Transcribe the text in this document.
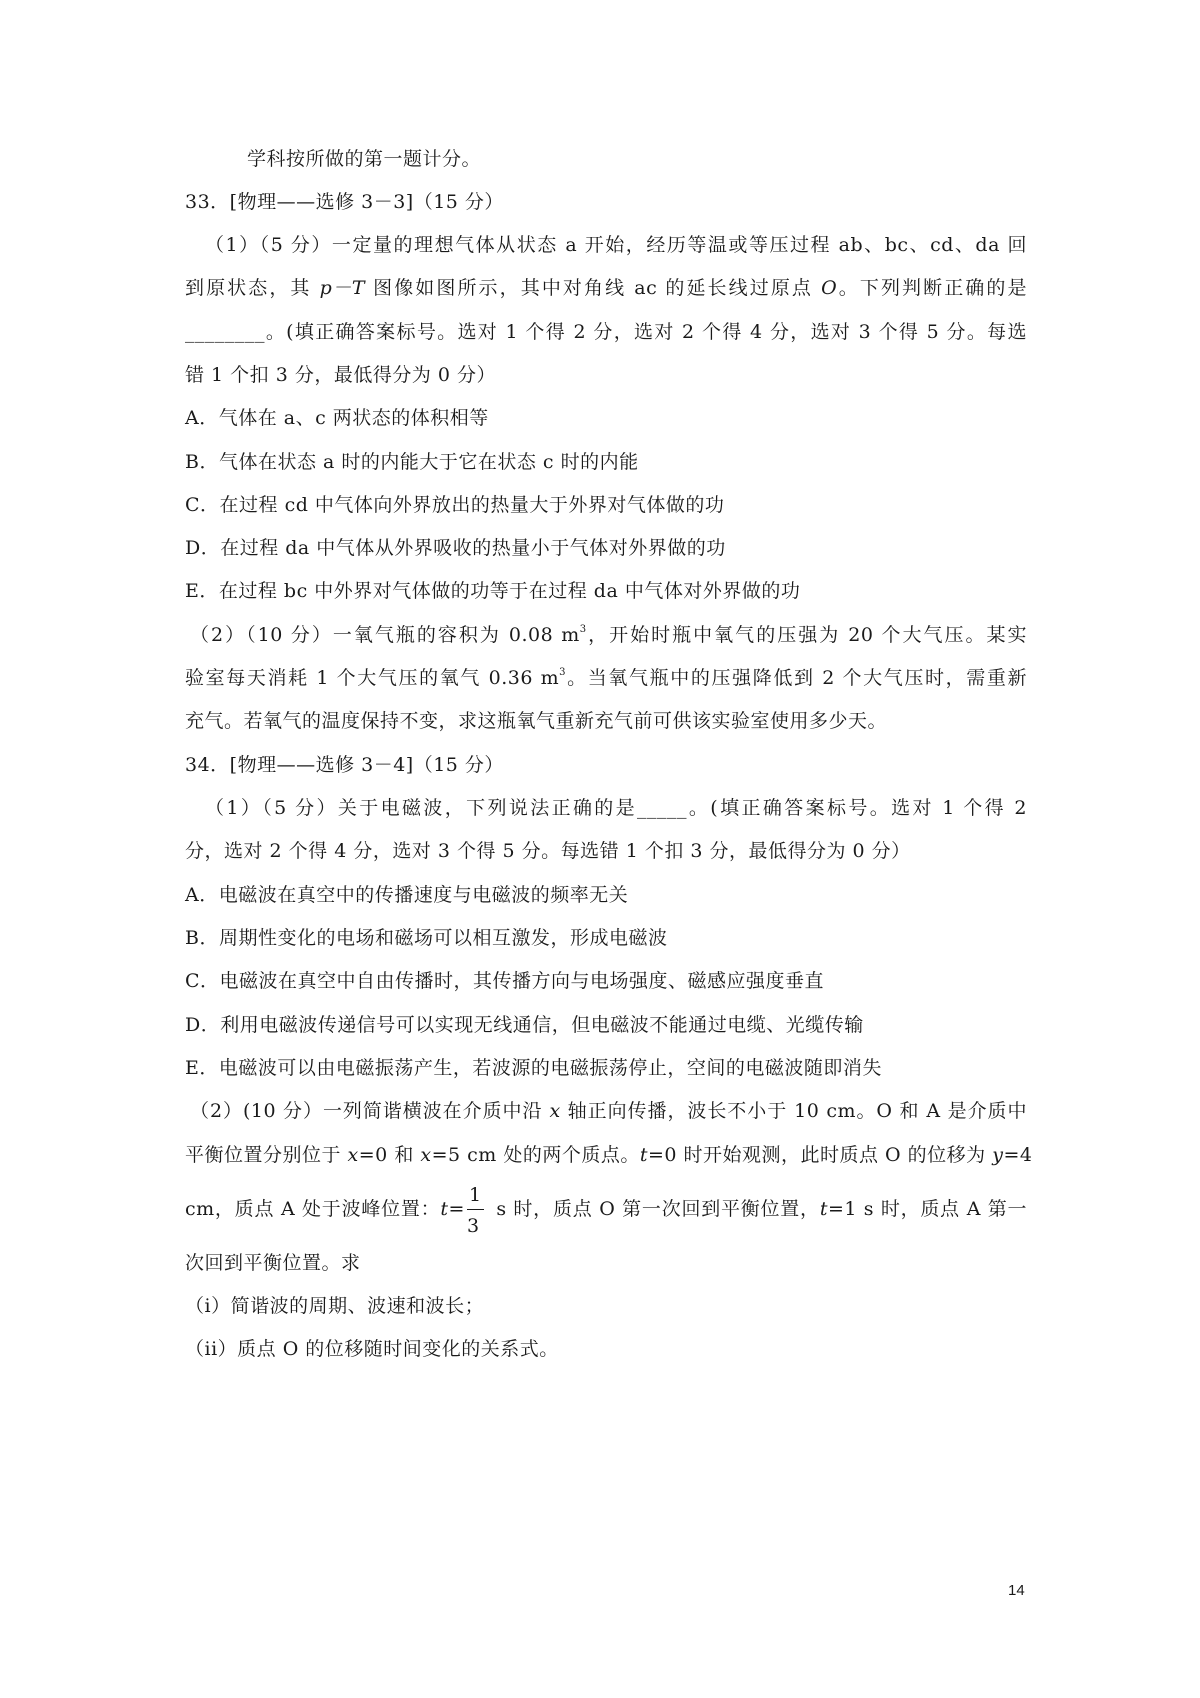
学科按所做的第一题计分。
33．[物理——选修 3－3]（15 分）
（1）（5 分）一定量的理想气体从状态 a 开始，经历等温或等压过程 ab、bc、cd、da 回
到原状态，其 p－T 图像如图所示，其中对角线 ac 的延长线过原点 O。下列判断正确的是
________。(填正确答案标号。选对 1 个得 2 分，选对 2 个得 4 分，选对 3 个得 5 分。每选
错 1 个扣 3 分，最低得分为 0 分）
A．气体在 a、c 两状态的体积相等
B．气体在状态 a 时的内能大于它在状态 c 时的内能
C．在过程 cd 中气体向外界放出的热量大于外界对气体做的功
D．在过程 da 中气体从外界吸收的热量小于气体对外界做的功
E．在过程 bc 中外界对气体做的功等于在过程 da 中气体对外界做的功
（2）（10 分）一氧气瓶的容积为 0.08 $m^3$，开始时瓶中氧气的压强为 20 个大气压。某实
验室每天消耗 1 个大气压的氧气 0.36 $m^3$。当氧气瓶中的压强降低到 2 个大气压时，需重新
充气。若氧气的温度保持不变，求这瓶氧气重新充气前可供该实验室使用多少天。
34．[物理——选修 3－4]（15 分）
（1）（5 分）关于电磁波，下列说法正确的是_____。(填正确答案标号。选对 1 个得 2
分，选对 2 个得 4 分，选对 3 个得 5 分。每选错 1 个扣 3 分，最低得分为 0 分）
A．电磁波在真空中的传播速度与电磁波的频率无关
B．周期性变化的电场和磁场可以相互激发，形成电磁波
C．电磁波在真空中自由传播时，其传播方向与电场强度、磁感应强度垂直
D．利用电磁波传递信号可以实现无线通信，但电磁波不能通过电缆、光缆传输
E．电磁波可以由电磁振荡产生，若波源的电磁振荡停止，空间的电磁波随即消失
（2）(10 分）一列简谐横波在介质中沿 x 轴正向传播，波长不小于 10 cm。O 和 A 是介质中
平衡位置分别位于 x=0 和 x=5 cm 处的两个质点。t=0 时开始观测，此时质点 O 的位移为 y=4
cm，质点 A 处于波峰位置：$t= \frac{1}{3}$ s 时，质点 O 第一次回到平衡位置，t=1 s 时，质点 A 第一
次回到平衡位置。求
（i）简谐波的周期、波速和波长；
（ii）质点 O 的位移随时间变化的关系式。
14
